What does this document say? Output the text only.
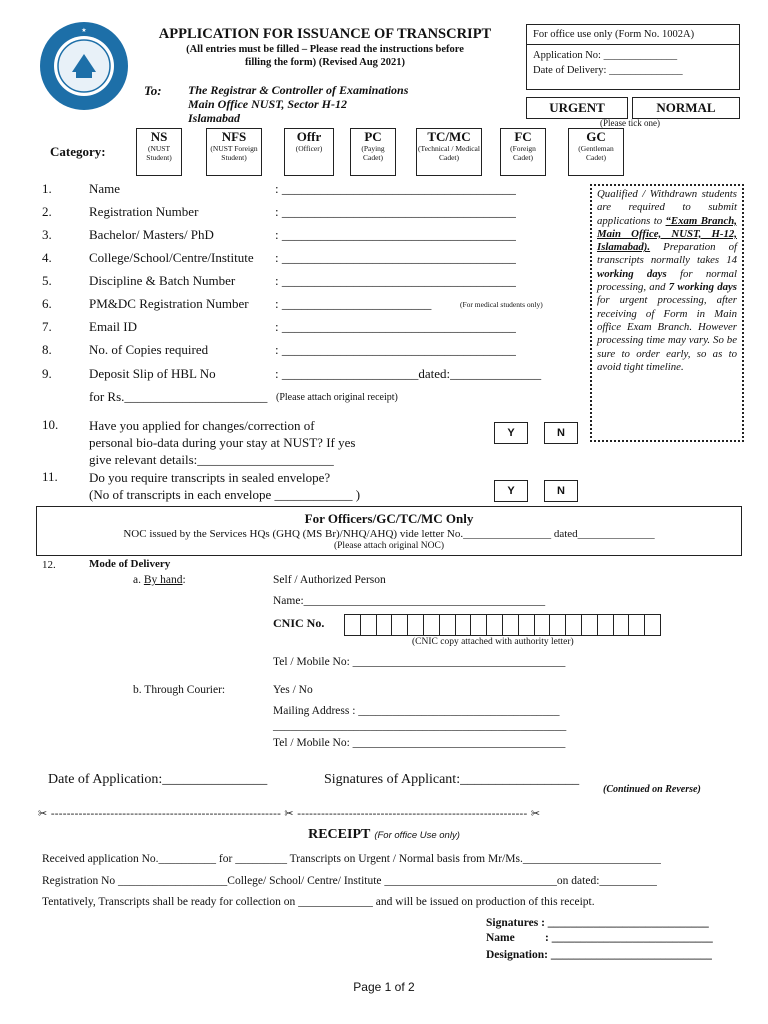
★	APPLICATION FOR ISSUANCE OF TRANSCRIPT
(All entries must be filled – Please read the instructions before
filling the form) (Revised Aug 2021)
To: The Registrar & Controller of Examinations
Main Office NUST, Sector H-12
Islamabad
For office use only (Form No. 1002A)
Application No: ______________
Date of Delivery: ______________
URGENT	NORMAL
(Please tick one)
Category:
NS
(NUST Student)
NFS
(NUST Foreign Student)
Offr
(Officer)
PC
(Paying Cadet)
TC/MC
(Technical / Medical Cadet)
FC
(Foreign Cadet)
GC
(Gentleman Cadet)
1.	Name	: ____________________________________
2.	Registration Number	: ____________________________________
3.	Bachelor/ Masters/ PhD	: ____________________________________
4.	College/School/Centre/Institute : ____________________________________
5.	Discipline & Batch Number	: ____________________________________
6.	PM&DC Registration Number : _______________________	(For medical students only)
7.	Email ID	: ____________________________________
8.	No. of Copies required	: ____________________________________
9.	Deposit Slip of HBL No	: _____________________dated:______________
for Rs.______________________ (Please attach original receipt)
Qualified / Withdrawn students are required to submit applications to “Exam Branch, Main Office, NUST, H-12, Islamabad). Preparation of transcripts normally takes 14 working days for normal processing, and 7 working days for urgent processing, after receiving of Form in Main office Exam Branch. However processing time may vary. So be sure to order early, so as to avoid tight timeline.
10. Have you applied for changes/correction of
personal bio-data during your stay at NUST? If yes
give relevant details:_____________________
Y	N
11. Do you require transcripts in sealed envelope?
(No of transcripts in each envelope ____________ )	Y	N
For Officers/GC/TC/MC Only
NOC issued by the Services HQs (GHQ (MS Br)/NHQ/AHQ) vide letter No.________________ dated______________
(Please attach original NOC)
12.	Mode of Delivery
a. By hand:	Self / Authorized Person
Name:__________________________________________
CNIC No.
(CNIC copy attached with authority letter)
Tel / Mobile No: _____________________________________
b. Through Courier:	Yes / No
Mailing Address : ___________________________________
___________________________________________________
Tel / Mobile No: _____________________________________
Date of Application:_______________	Signatures of Applicant:_________________
(Continued on Reverse)
✂ ---------------------------------------------------------- ✂ ---------------------------------------------------------- ✂
RECEIPT (For office Use only)
Received application No.__________ for _________ Transcripts on Urgent / Normal basis from Mr/Ms.________________________
Registration No ___________________College/ School/ Centre/ Institute ______________________________on dated:__________
Tentatively, Transcripts shall be ready for collection on _____________ and will be issued on production of this receipt.
Signatures : ____________________________
Name	: ____________________________
Designation: ____________________________
Page 1 of 2
